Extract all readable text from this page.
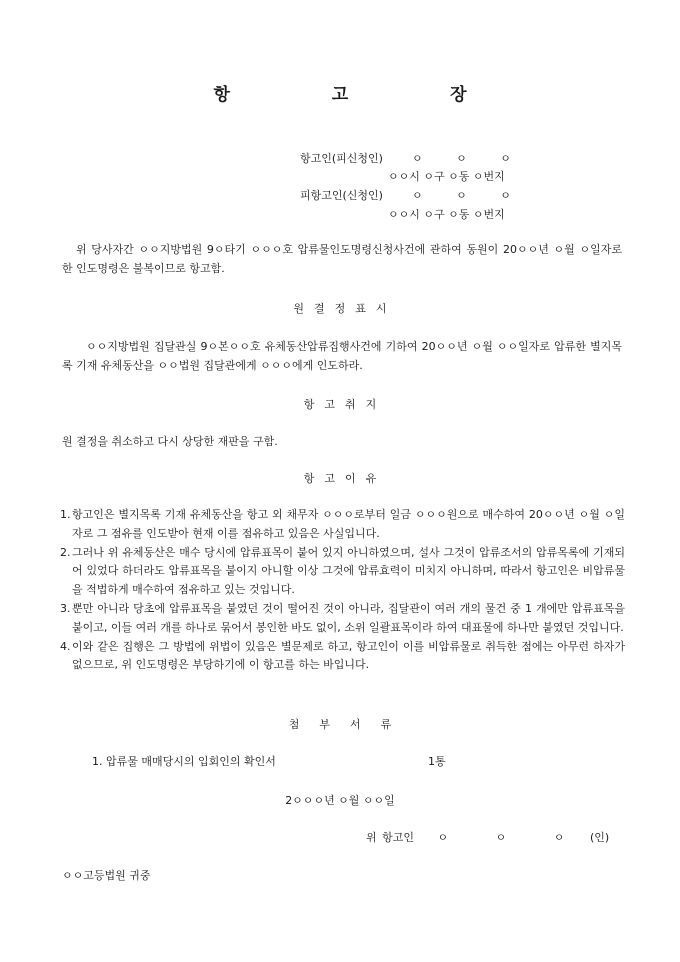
항 고 장
항고인(피신청인)	ㅇ ㅇ ㅇ
ㅇㅇ시 ㅇ구 ㅇ동 ㅇ번지
피항고인(신청인)	ㅇ ㅇ ㅇ
ㅇㅇ시 ㅇ구 ㅇ동 ㅇ번지
위 당사자간 ㅇㅇ지방법원 9ㅇ타기 ㅇㅇㅇ호 압류물인도명령신청사건에 관하여 동원이 20ㅇㅇ년 ㅇ월 ㅇ일자로 한 인도명령은 불복이므로 항고함.
원결정표시
ㅇㅇ지방법원 집달관실 9ㅇ본ㅇㅇ호 유체동산압류집행사건에 기하여 20ㅇㅇ년 ㅇ월 ㅇㅇ일자로 압류한 별지목록 기재 유체동산을 ㅇㅇ법원 집달관에게 ㅇㅇㅇ에게 인도하라.
항고취지
원 결정을 취소하고 다시 상당한 재판을 구함.
항고이유
1. 항고인은 별지목록 기재 유체동산을 항고 외 채무자 ㅇㅇㅇ로부터 일금 ㅇㅇㅇ원으로 매수하여 20ㅇㅇ년 ㅇ월 ㅇ일자로 그 점유를 인도받아 현재 이를 점유하고 있음은 사실입니다.
2. 그러나 위 유체동산은 매수 당시에 압류표목이 붙어 있지 아니하였으며, 설사 그것이 압류조서의 압류목록에 기재되어 있었다 하더라도 압류표목을 붙이지 아니할 이상 그것에 압류효력이 미치지 아니하며, 따라서 항고인은 비압류물을 적법하게 매수하여 점유하고 있는 것입니다.
3. 뿐만 아니라 당초에 압류표목을 붙였던 것이 떨어진 것이 아니라, 집달관이 여러 개의 물건 중 1 개에만 압류표목을 붙이고, 이들 여러 개를 하나로 묶어서 봉인한 바도 없이, 소위 일괄표목이라 하여 대표물에 하나만 붙였던 것입니다.
4. 이와 같은 집행은 그 방법에 위법이 있음은 별문제로 하고, 항고인이 이를 비압류물로 취득한 점에는 아무런 하자가 없으므로, 위 인도명령은 부당하기에 이 항고를 하는 바입니다.
첨부서류
1. 압류물 매매당시의 입회인의 확인서	1통
2ㅇㅇㅇ년 ㅇ월 ㅇㅇ일
위 항고인 ㅇ	ㅇ	ㅇ (인)
ㅇㅇ고등법원 귀중
